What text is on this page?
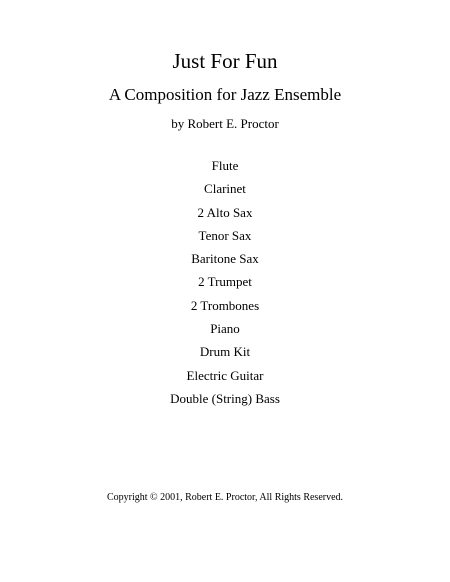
Just For Fun
A Composition for Jazz Ensemble
by Robert E. Proctor
Flute
Clarinet
2 Alto Sax
Tenor Sax
Baritone Sax
2 Trumpet
2 Trombones
Piano
Drum Kit
Electric Guitar
Double (String) Bass
Copyright © 2001, Robert E. Proctor, All Rights Reserved.
